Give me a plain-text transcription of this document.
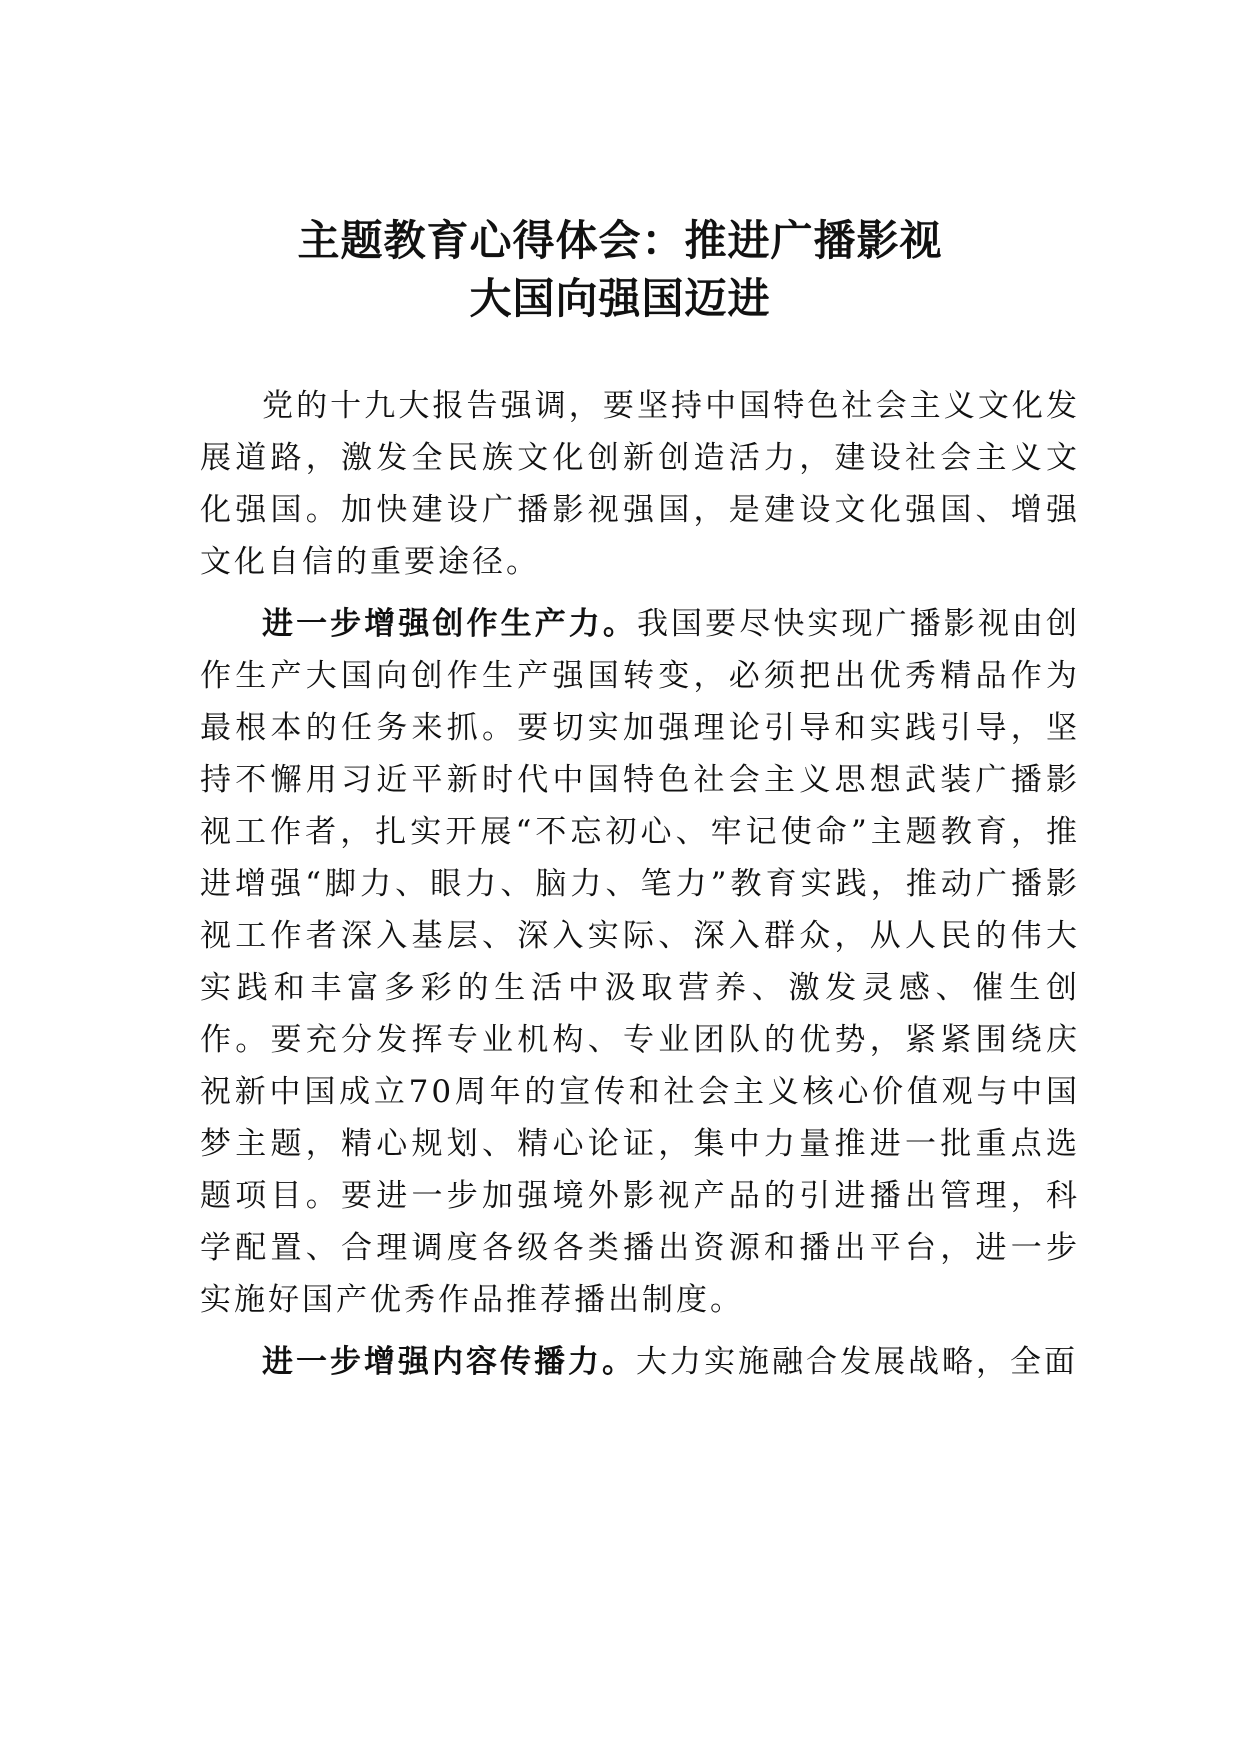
主题教育心得体会：推进广播影视
大国向强国迈进

党的十九大报告强调，要坚持中国特色社会主义文化发展道路，激发全民族文化创新创造活力，建设社会主义文化强国。加快建设广播影视强国，是建设文化强国、增强文化自信的重要途径。

进一步增强创作生产力。我国要尽快实现广播影视由创作生产大国向创作生产强国转变，必须把出优秀精品作为最根本的任务来抓。要切实加强理论引导和实践引导，坚持不懈用习近平新时代中国特色社会主义思想武装广播影视工作者，扎实开展“不忘初心、牢记使命”主题教育，推进增强“脚力、眼力、脑力、笔力”教育实践，推动广播影视工作者深入基层、深入实际、深入群众，从人民的伟大实践和丰富多彩的生活中汲取营养、激发灵感、催生创作。要充分发挥专业机构、专业团队的优势，紧紧围绕庆祝新中国成立70周年的宣传和社会主义核心价值观与中国梦主题，精心规划、精心论证，集中力量推进一批重点选题项目。要进一步加强境外影视产品的引进播出管理，科学配置、合理调度各级各类播出资源和播出平台，进一步实施好国产优秀作品推荐播出制度。

进一步增强内容传播力。大力实施融合发展战略，全面
